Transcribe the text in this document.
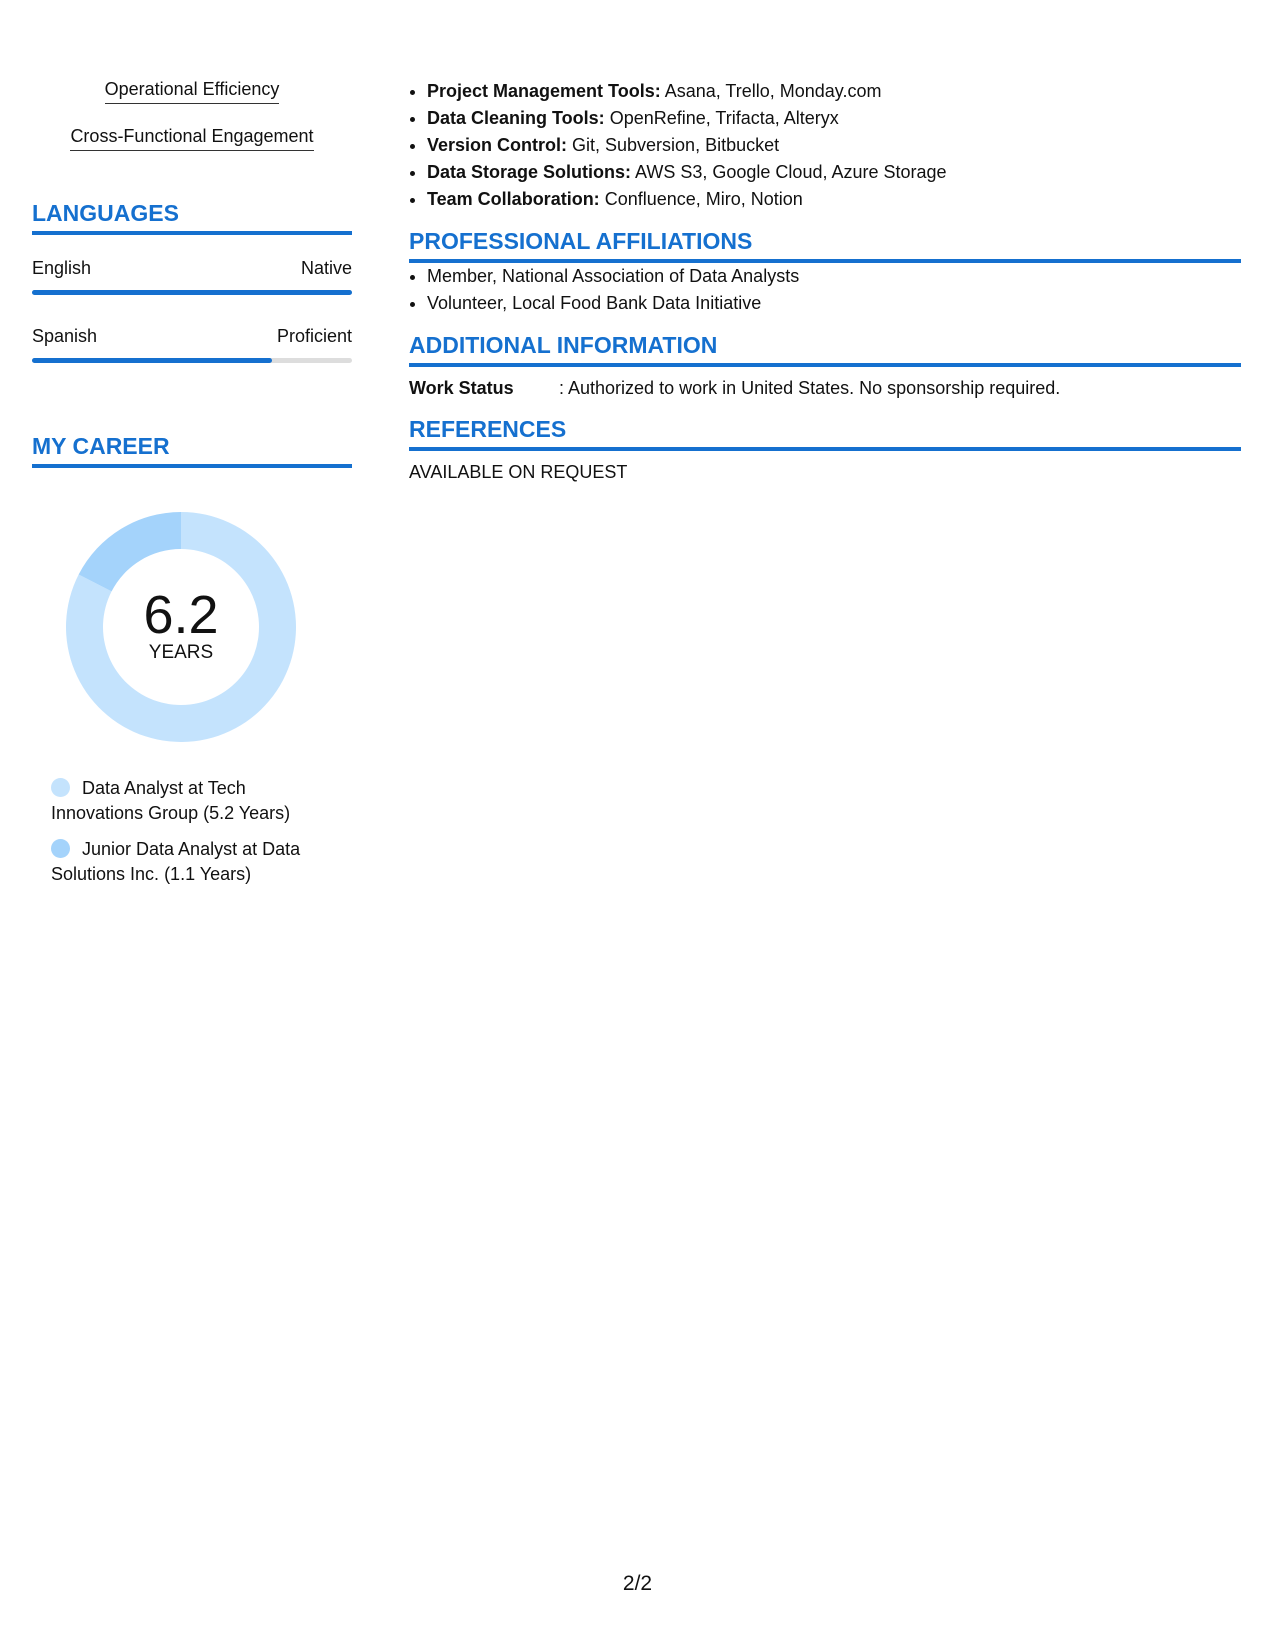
Operational Efficiency
Cross-Functional Engagement
LANGUAGES
English	Native
Spanish	Proficient
MY CAREER
6.2
YEARS
Data Analyst at Tech Innovations Group (5.2 Years)
Junior Data Analyst at Data Solutions Inc. (1.1 Years)
• Project Management Tools: Asana, Trello, Monday.com
• Data Cleaning Tools: OpenRefine, Trifacta, Alteryx
• Version Control: Git, Subversion, Bitbucket
• Data Storage Solutions: AWS S3, Google Cloud, Azure Storage
• Team Collaboration: Confluence, Miro, Notion
PROFESSIONAL AFFILIATIONS
• Member, National Association of Data Analysts
• Volunteer, Local Food Bank Data Initiative
ADDITIONAL INFORMATION
Work Status	: Authorized to work in United States. No sponsorship required.
REFERENCES
AVAILABLE ON REQUEST
2/2
